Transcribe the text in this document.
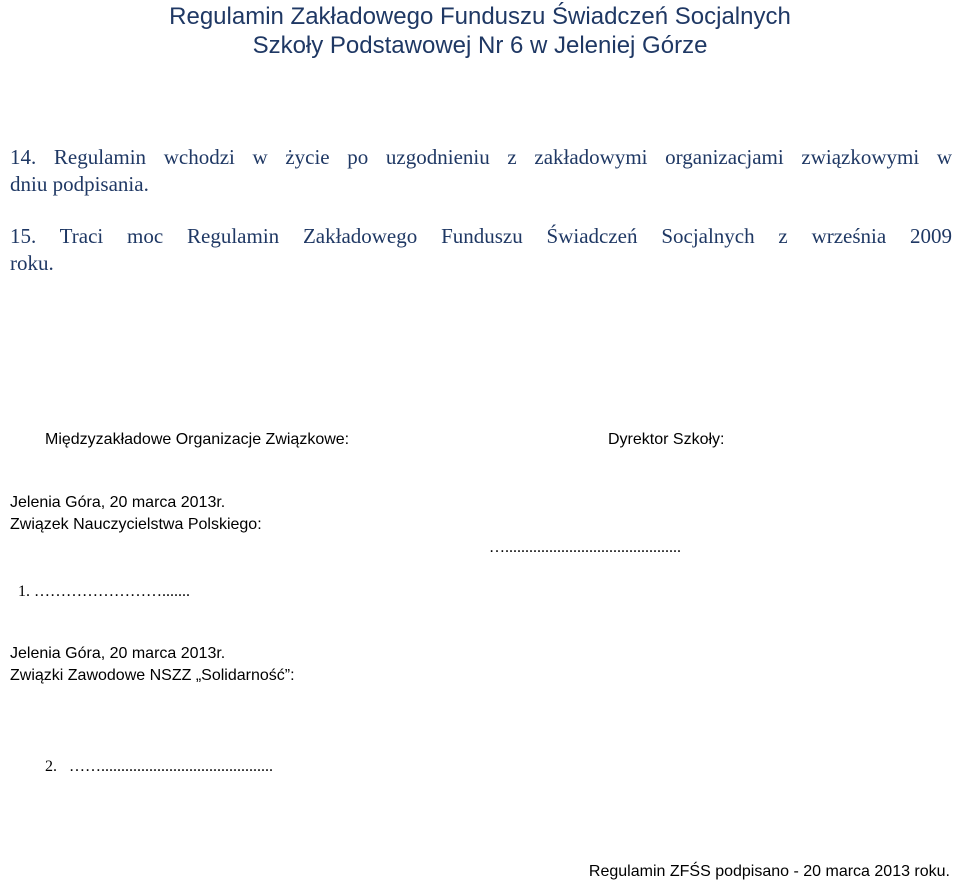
Regulamin Zakładowego Funduszu Świadczeń Socjalnych
Szkoły Podstawowej Nr 6 w Jeleniej Górze
14. Regulamin wchodzi w życie po uzgodnieniu z zakładowymi organizacjami związkowymi w
dniu podpisania.
15. Traci moc Regulamin Zakładowego Funduszu Świadczeń Socjalnych z września 2009
roku.
Międzyzakładowe Organizacje Związkowe:	Dyrektor Szkoły:
Jelenia Góra, 20 marca 2013r.
Związek Nauczycielstwa Polskiego:
…............................................
1. …………………….......
Jelenia Góra, 20 marca 2013r.
Związki Zawodowe NSZZ „Solidarność”:
2.   ……...........................................
Regulamin ZFŚS podpisano - 20 marca 2013 roku.
